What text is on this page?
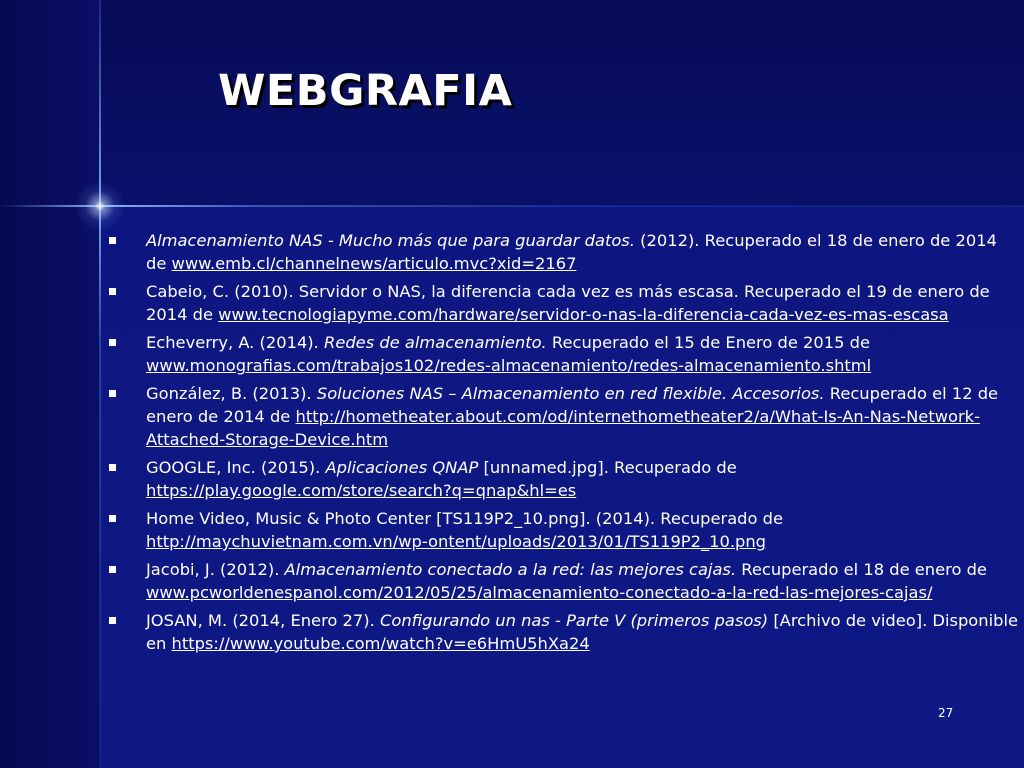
WEBGRAFIA
Almacenamiento NAS - Mucho más que para guardar datos. (2012). Recuperado el 18 de enero de 2014 de www.emb.cl/channelnews/articulo.mvc?xid=2167
Cabeio, C. (2010). Servidor o NAS, la diferencia cada vez es más escasa. Recuperado el 19 de enero de 2014 de www.tecnologiapyme.com/hardware/servidor-o-nas-la-diferencia-cada-vez-es-mas-escasa
Echeverry, A. (2014). Redes de almacenamiento. Recuperado el 15 de Enero de 2015 de www.monografias.com/trabajos102/redes-almacenamiento/redes-almacenamiento.shtml
González, B. (2013). Soluciones NAS – Almacenamiento en red flexible. Accesorios. Recuperado el 12 de enero de 2014 de http://hometheater.about.com/od/internethometheater2/a/What-Is-An-Nas-Network-Attached-Storage-Device.htm
GOOGLE, Inc. (2015). Aplicaciones QNAP [unnamed.jpg]. Recuperado de https://play.google.com/store/search?q=qnap&hl=es
Home Video, Music & Photo Center [TS119P2_10.png]. (2014). Recuperado de http://maychuvietnam.com.vn/wp-ontent/uploads/2013/01/TS119P2_10.png
Jacobi, J. (2012). Almacenamiento conectado a la red: las mejores cajas. Recuperado el 18 de enero de www.pcworldenespanol.com/2012/05/25/almacenamiento-conectado-a-la-red-las-mejores-cajas/
JOSAN, M. (2014, Enero 27). Configurando un nas - Parte V (primeros pasos) [Archivo de video]. Disponible en https://www.youtube.com/watch?v=e6HmU5hXa24
27
